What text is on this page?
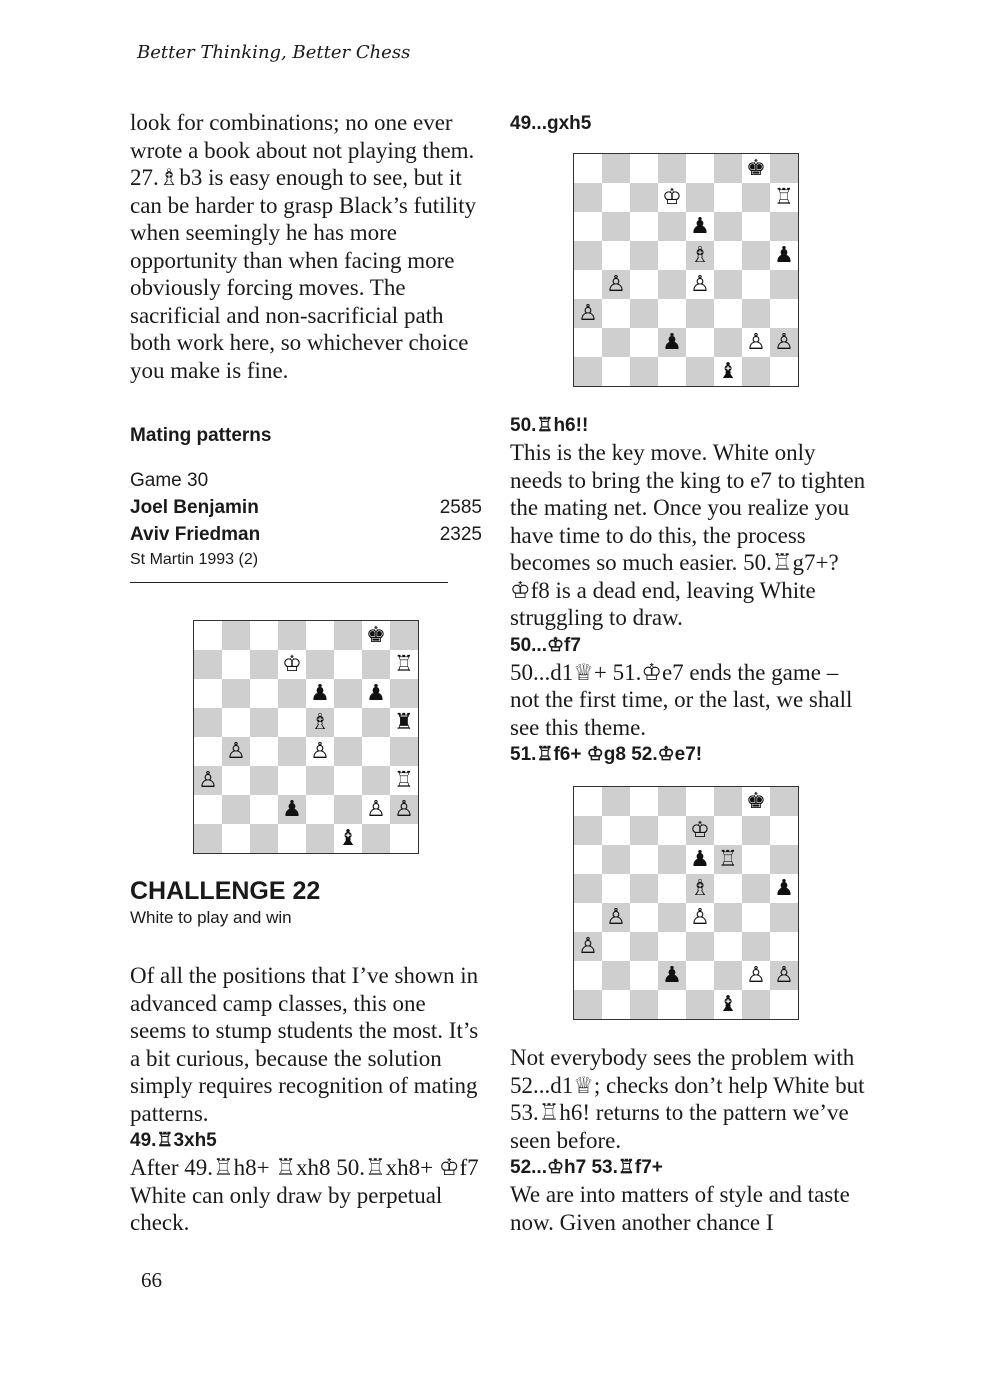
Better Thinking, Better Chess

look for combinations; no one ever wrote a book about not playing them. 27.♗b3 is easy enough to see, but it can be harder to grasp Black’s futility when seemingly he has more opportunity than when facing more obviously forcing moves. The sacrificial and non-sacrificial path both work here, so whichever choice you make is fine.

Mating patterns
Game 30
Joel Benjamin	2585
Aviv Friedman	2325
St Martin 1993 (2)
♚
♔	♖
♟ ♟
♗	♜
♙	♙
♙	♖
♟	♙ ♙
♝
CHALLENGE 22
White to play and win

Of all the positions that I’ve shown in advanced camp classes, this one seems to stump students the most. It’s a bit curious, because the solution simply requires recognition of mating patterns.

49.♖3xh5

After 49.♖h8+ ♖xh8 50.♖xh8+ ♔f7 White can only draw by perpetual check.

49...gxh5
♚
♔	♖
♟
♗	♟
♙	♙
♙
♟	♙ ♙
♝
50.♖h6!!

This is the key move. White only needs to bring the king to e7 to tighten the mating net. Once you realize you have time to do this, the process becomes so much easier. 50.♖g7+? ♔f8 is a dead end, leaving White struggling to draw.

50...♔f7

50...d1♕+ 51.♔e7 ends the game – not the first time, or the last, we shall see this theme.

51.♖f6+ ♔g8 52.♔e7!
♚
♔
♟ ♖
♗	♟
♙	♙
♙
♟	♙ ♙
♝

Not everybody sees the problem with 52...d1♕; checks don’t help White but 53.♖h6! returns to the pattern we’ve seen before.

52...♔h7 53.♖f7+

We are into matters of style and taste now. Given another chance I

66
